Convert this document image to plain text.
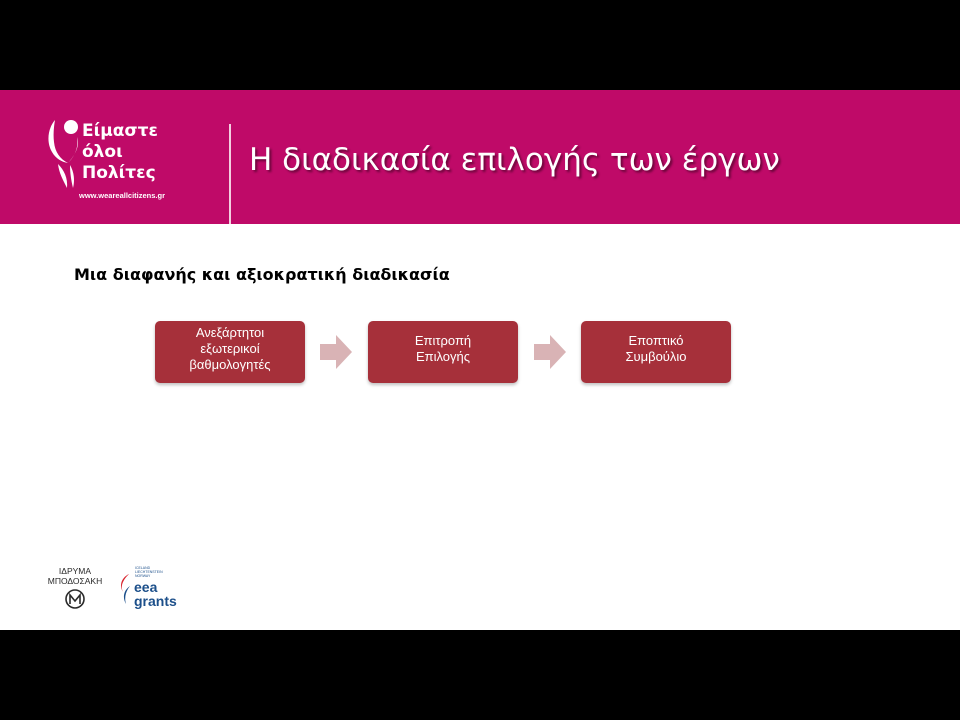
Είμαστε
όλοι
Πολίτες
www.weareallcitizens.gr
Η διαδικασία επιλογής των έργων
Μια διαφανής και αξιοκρατική διαδικασία
Ανεξάρτητοι
εξωτερικοί
βαθμολογητές
Επιτροπή
Επιλογής
Εποπτικό
Συμβούλιο
ΙΔΡΥΜΑ
ΜΠΟΔΟΣΑΚΗ
ICELAND
LIECHTENSTEIN
NORWAY
eea
grants
